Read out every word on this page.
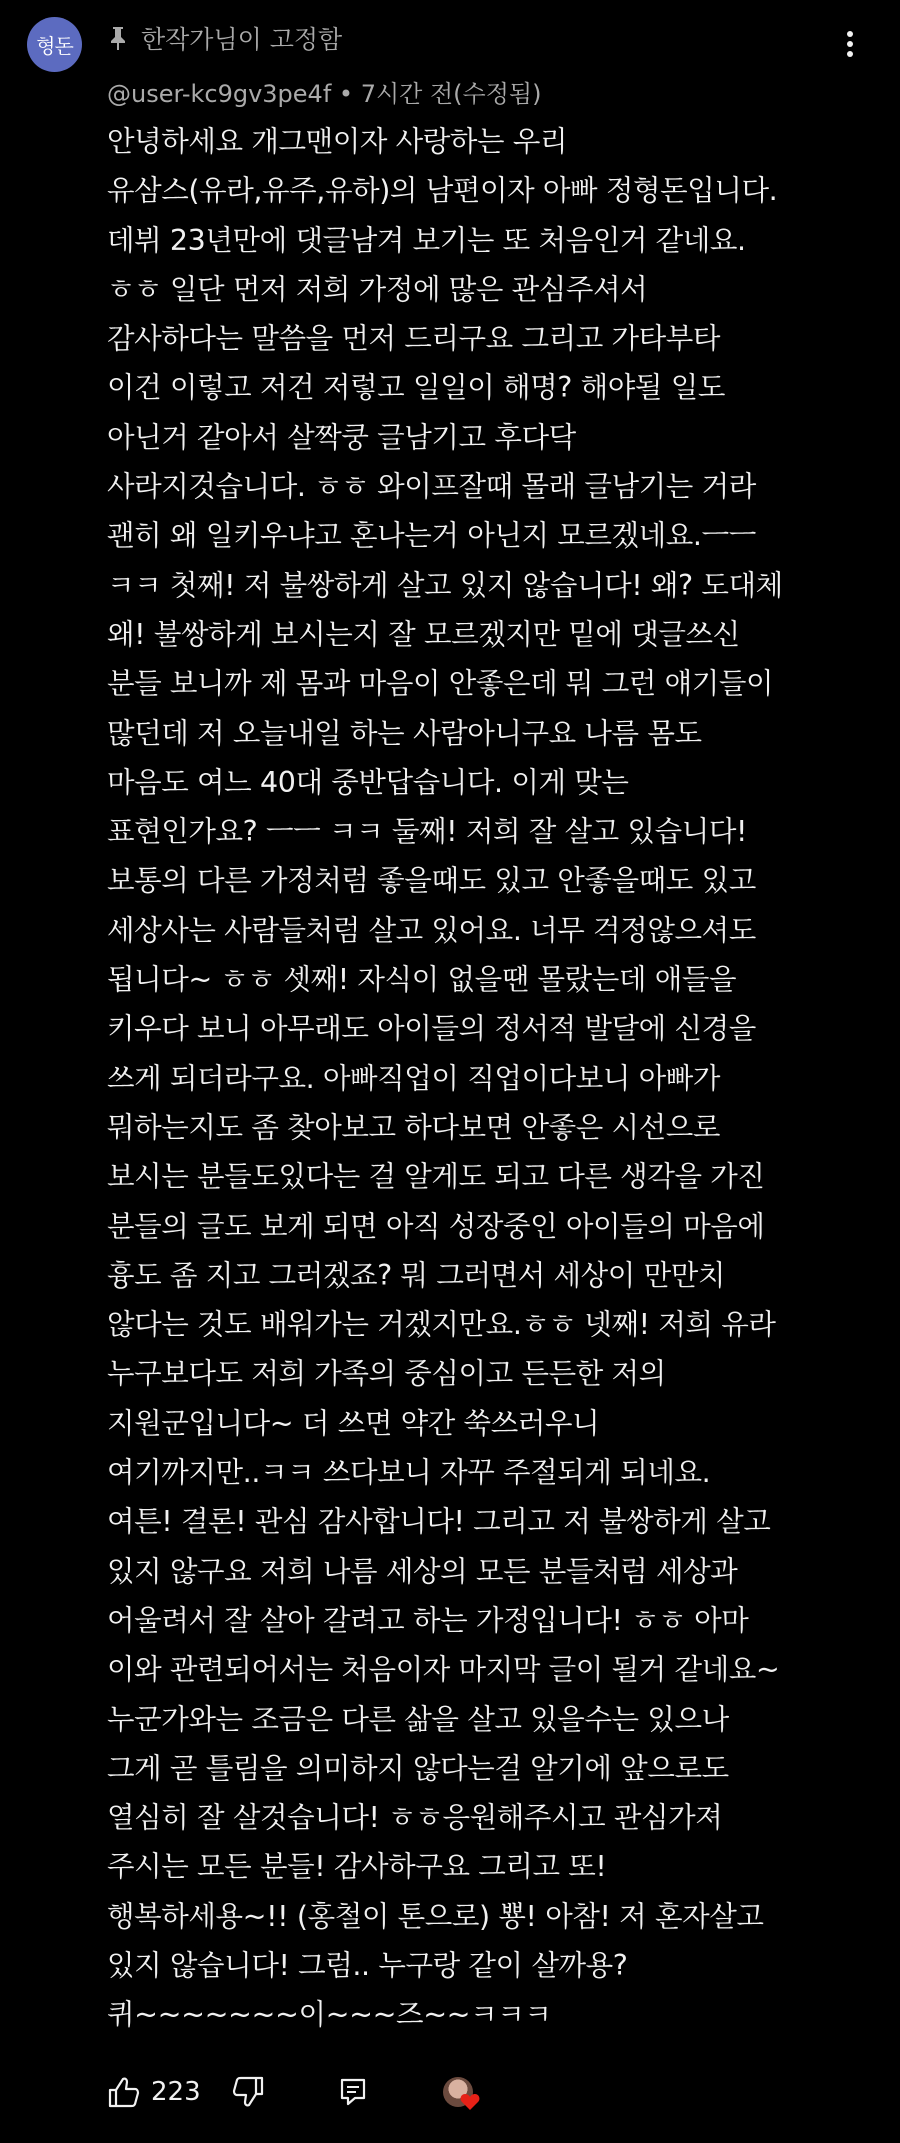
형돈	한작가님이 고정함
@user-kc9gv3pe4f • 7시간 전(수정됨)
안녕하세요 개그맨이자 사랑하는 우리
유삼스(유라,유주,유하)의 남편이자 아빠 정형돈입니다.
데뷔 23년만에 댓글남겨 보기는 또 처음인거 같네요.
ㅎㅎ 일단 먼저 저희 가정에 많은 관심주셔서
감사하다는 말씀을 먼저 드리구요 그리고 가타부타
이건 이렇고 저건 저렇고 일일이 해명? 해야될 일도
아닌거 같아서 살짝쿵 글남기고 후다닥
사라지것습니다. ㅎㅎ 와이프잘때 몰래 글남기는 거라
괜히 왜 일키우냐고 혼나는거 아닌지 모르겠네요.ㅡㅡ
ㅋㅋ 첫째! 저 불쌍하게 살고 있지 않습니다! 왜? 도대체
왜! 불쌍하게 보시는지 잘 모르겠지만 밑에 댓글쓰신
분들 보니까 제 몸과 마음이 안좋은데 뭐 그런 얘기들이
많던데 저 오늘내일 하는 사람아니구요 나름 몸도
마음도 여느 40대 중반답습니다. 이게 맞는
표현인가요? ㅡㅡ ㅋㅋ 둘째! 저희 잘 살고 있습니다!
보통의 다른 가정처럼 좋을때도 있고 안좋을때도 있고
세상사는 사람들처럼 살고 있어요. 너무 걱정않으셔도
됩니다~ ㅎㅎ 셋째! 자식이 없을땐 몰랐는데 애들을
키우다 보니 아무래도 아이들의 정서적 발달에 신경을
쓰게 되더라구요. 아빠직업이 직업이다보니 아빠가
뭐하는지도 좀 찾아보고 하다보면 안좋은 시선으로
보시는 분들도있다는 걸 알게도 되고 다른 생각을 가진
분들의 글도 보게 되면 아직 성장중인 아이들의 마음에
흉도 좀 지고 그러겠죠? 뭐 그러면서 세상이 만만치
않다는 것도 배워가는 거겠지만요.ㅎㅎ 넷째! 저희 유라
누구보다도 저희 가족의 중심이고 든든한 저의
지원군입니다~ 더 쓰면 약간 쑥쓰러우니
여기까지만..ㅋㅋ 쓰다보니 자꾸 주절되게 되네요.
여튼! 결론! 관심 감사합니다! 그리고 저 불쌍하게 살고
있지 않구요 저희 나름 세상의 모든 분들처럼 세상과
어울려서 잘 살아 갈려고 하는 가정입니다! ㅎㅎ 아마
이와 관련되어서는 처음이자 마지막 글이 될거 같네요~
누군가와는 조금은 다른 삶을 살고 있을수는 있으나
그게 곧 틀림을 의미하지 않다는걸 알기에 앞으로도
열심히 잘 살것습니다! ㅎㅎ응원해주시고 관심가져
주시는 모든 분들! 감사하구요 그리고 또!
행복하세용~!! (홍철이 톤으로) 뿅! 아참! 저 혼자살고
있지 않습니다! 그럼.. 누구랑 같이 살까용?
퀴~~~~~~~이~~~즈~~ㅋㅋㅋ
223
